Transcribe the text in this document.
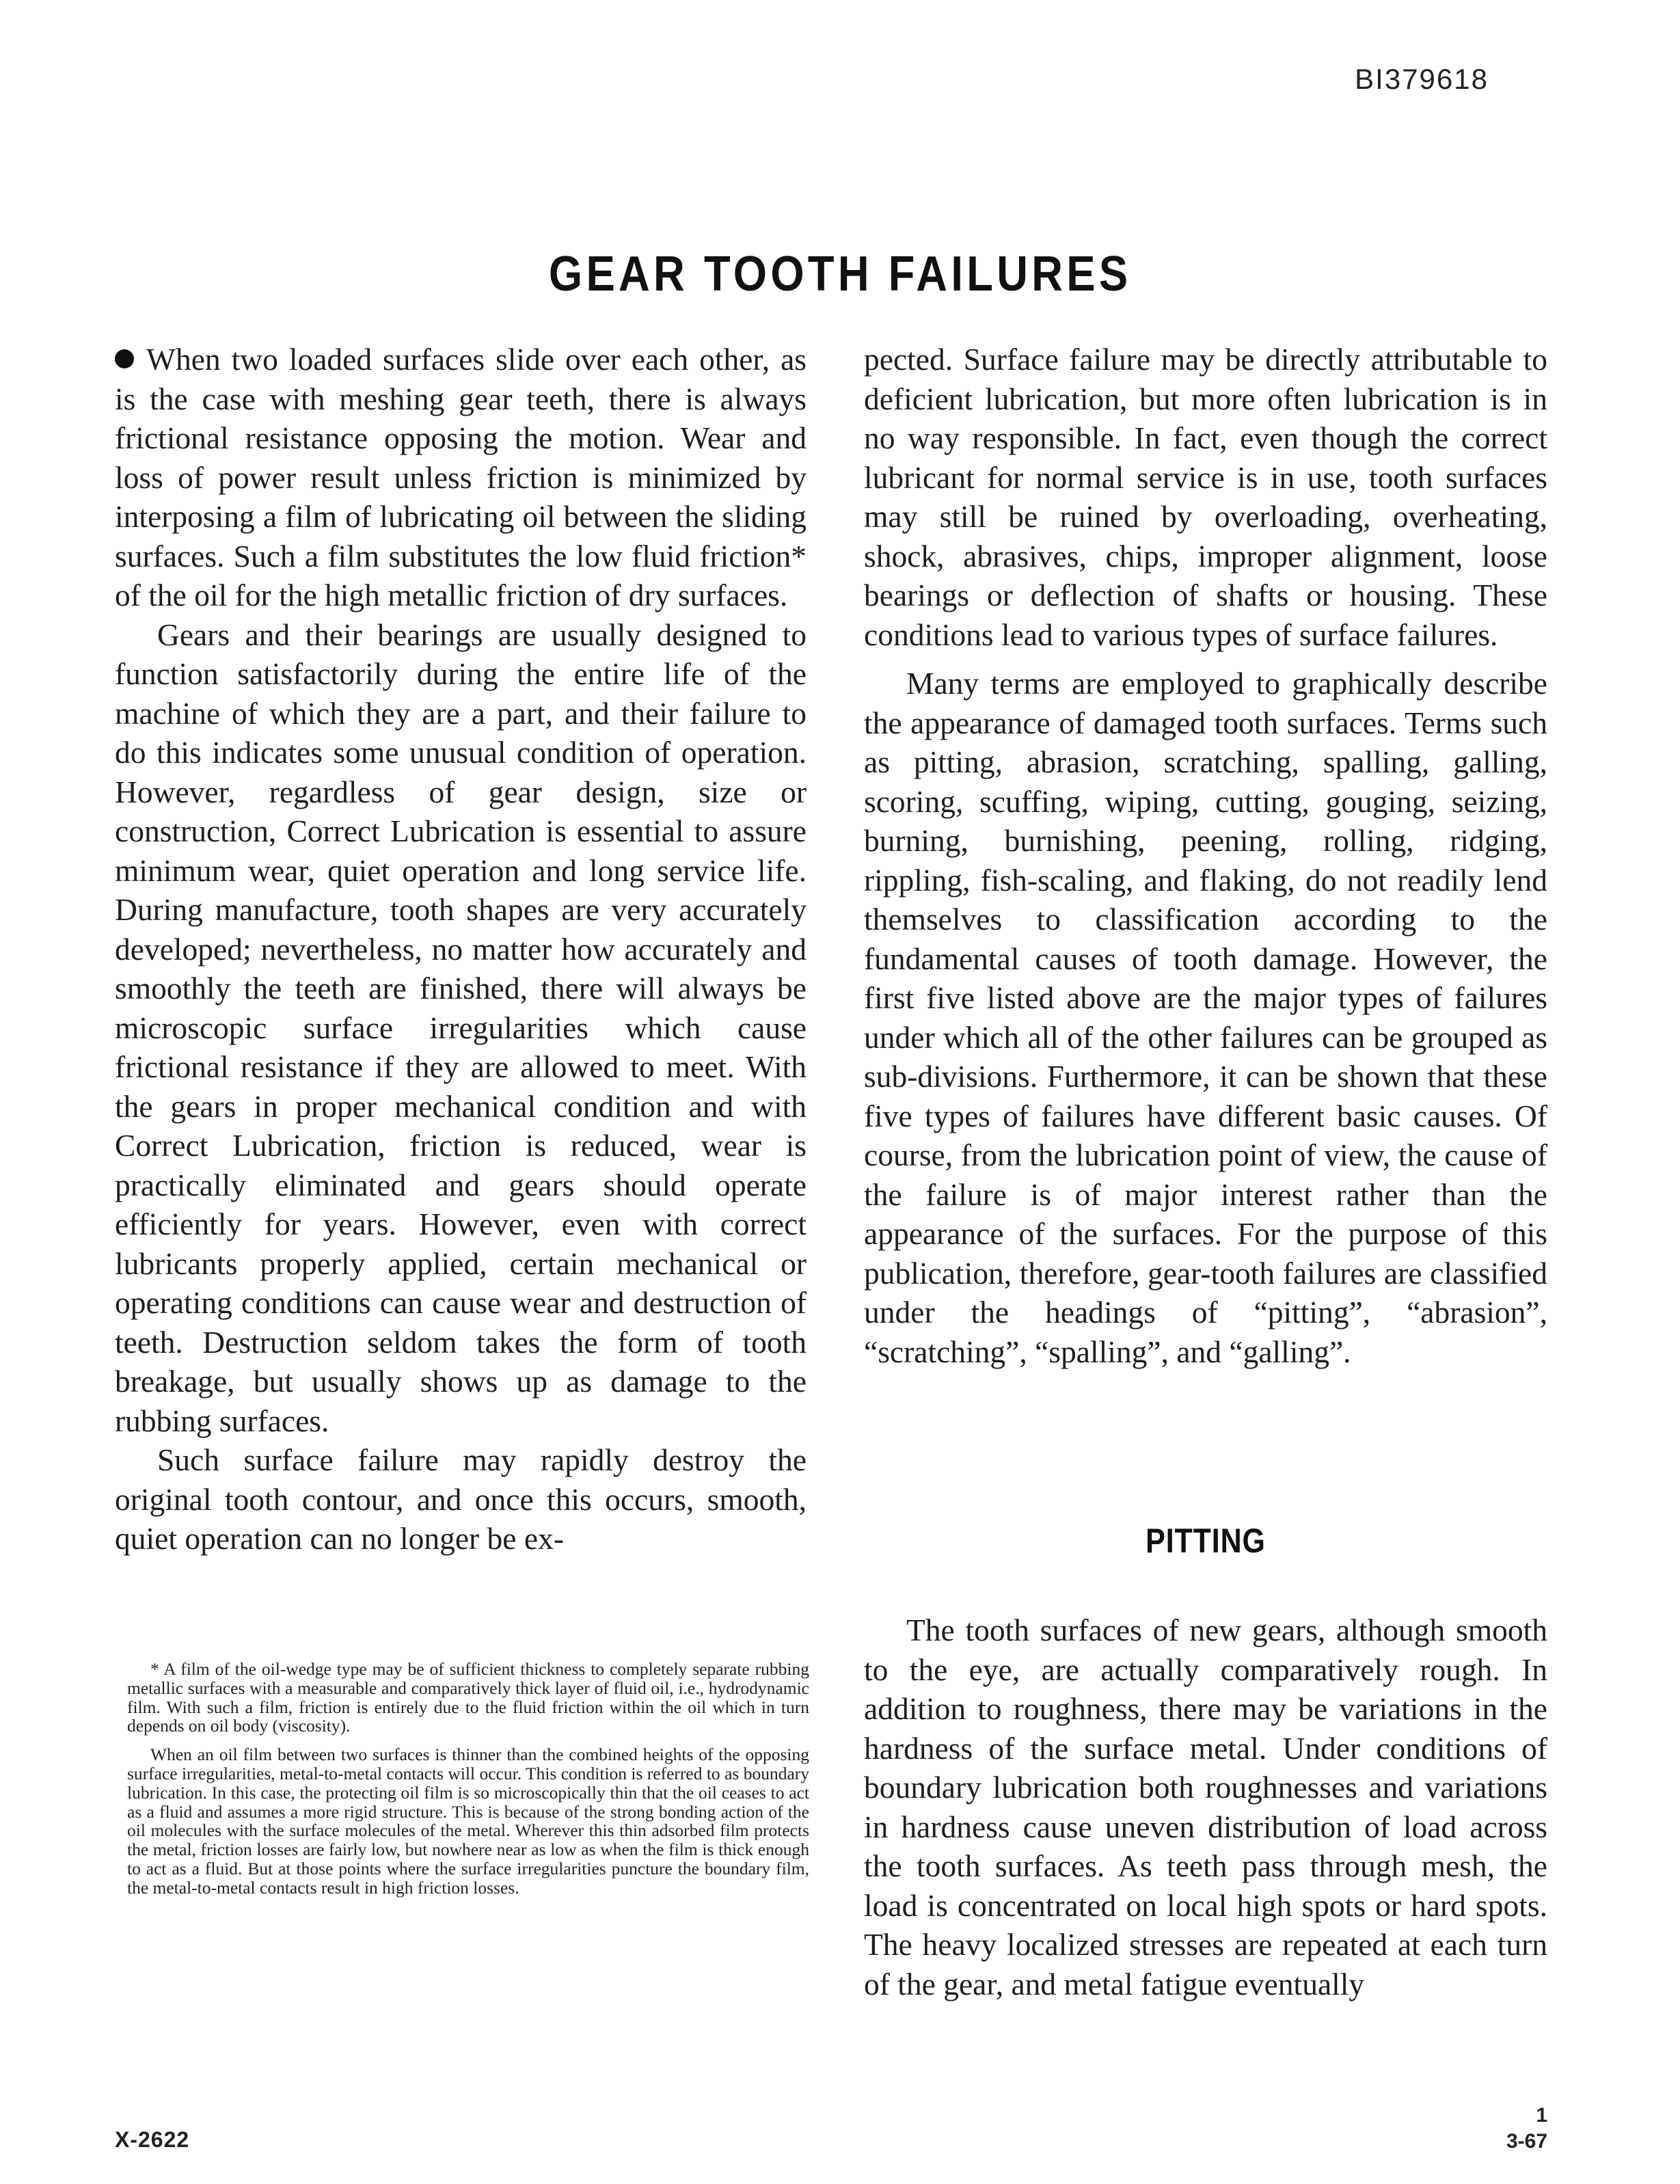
BI379618
GEAR TOOTH FAILURES

When two loaded surfaces slide over each other, as is the case with meshing gear teeth, there is always frictional resistance opposing the motion. Wear and loss of power result unless friction is minimized by interposing a film of lubricating oil between the sliding surfaces. Such a film substitutes the low fluid friction* of the oil for the high metallic friction of dry surfaces.

Gears and their bearings are usually designed to function satisfactorily during the entire life of the machine of which they are a part, and their failure to do this indicates some unusual condition of operation. However, regardless of gear design, size or construction, Correct Lubrication is essential to assure minimum wear, quiet operation and long service life. During manufacture, tooth shapes are very accurately developed; nevertheless, no matter how accurately and smoothly the teeth are finished, there will always be microscopic surface irregularities which cause frictional resistance if they are allowed to meet. With the gears in proper mechanical condition and with Correct Lubrication, friction is reduced, wear is practically eliminated and gears should operate efficiently for years. However, even with correct lubricants properly applied, certain mechanical or operating conditions can cause wear and destruction of teeth. Destruction seldom takes the form of tooth breakage, but usually shows up as damage to the rubbing surfaces.

Such surface failure may rapidly destroy the original tooth contour, and once this occurs, smooth, quiet operation can no longer be ex-

pected. Surface failure may be directly attributable to deficient lubrication, but more often lubrication is in no way responsible. In fact, even though the correct lubricant for normal service is in use, tooth surfaces may still be ruined by overloading, overheating, shock, abrasives, chips, improper alignment, loose bearings or deflection of shafts or housing. These conditions lead to various types of surface failures.

Many terms are employed to graphically describe the appearance of damaged tooth surfaces. Terms such as pitting, abrasion, scratching, spalling, galling, scoring, scuffing, wiping, cutting, gouging, seizing, burning, burnishing, peening, rolling, ridging, rippling, fish-scaling, and flaking, do not readily lend themselves to classification according to the fundamental causes of tooth damage. However, the first five listed above are the major types of failures under which all of the other failures can be grouped as sub-divisions. Furthermore, it can be shown that these five types of failures have different basic causes. Of course, from the lubrication point of view, the cause of the failure is of major interest rather than the appearance of the surfaces. For the purpose of this publication, therefore, gear-tooth failures are classified under the headings of “pitting”, “abrasion”, “scratching”, “spalling”, and “galling”.

PITTING

The tooth surfaces of new gears, although smooth to the eye, are actually comparatively rough. In addition to roughness, there may be variations in the hardness of the surface metal. Under conditions of boundary lubrication both roughnesses and variations in hardness cause uneven distribution of load across the tooth surfaces. As teeth pass through mesh, the load is concentrated on local high spots or hard spots. The heavy localized stresses are repeated at each turn of the gear, and metal fatigue eventually

* A film of the oil-wedge type may be of sufficient thickness to completely separate rubbing metallic surfaces with a measurable and comparatively thick layer of fluid oil, i.e., hydrodynamic film. With such a film, friction is entirely due to the fluid friction within the oil which in turn depends on oil body (viscosity).

When an oil film between two surfaces is thinner than the combined heights of the opposing surface irregularities, metal-to-metal contacts will occur. This condition is referred to as boundary lubrication. In this case, the protecting oil film is so microscopically thin that the oil ceases to act as a fluid and assumes a more rigid structure. This is because of the strong bonding action of the oil molecules with the surface molecules of the metal. Wherever this thin adsorbed film protects the metal, friction losses are fairly low, but nowhere near as low as when the film is thick enough to act as a fluid. But at those points where the surface irregularities puncture the boundary film, the metal-to-metal contacts result in high friction losses.

X-2622
1
3-67
